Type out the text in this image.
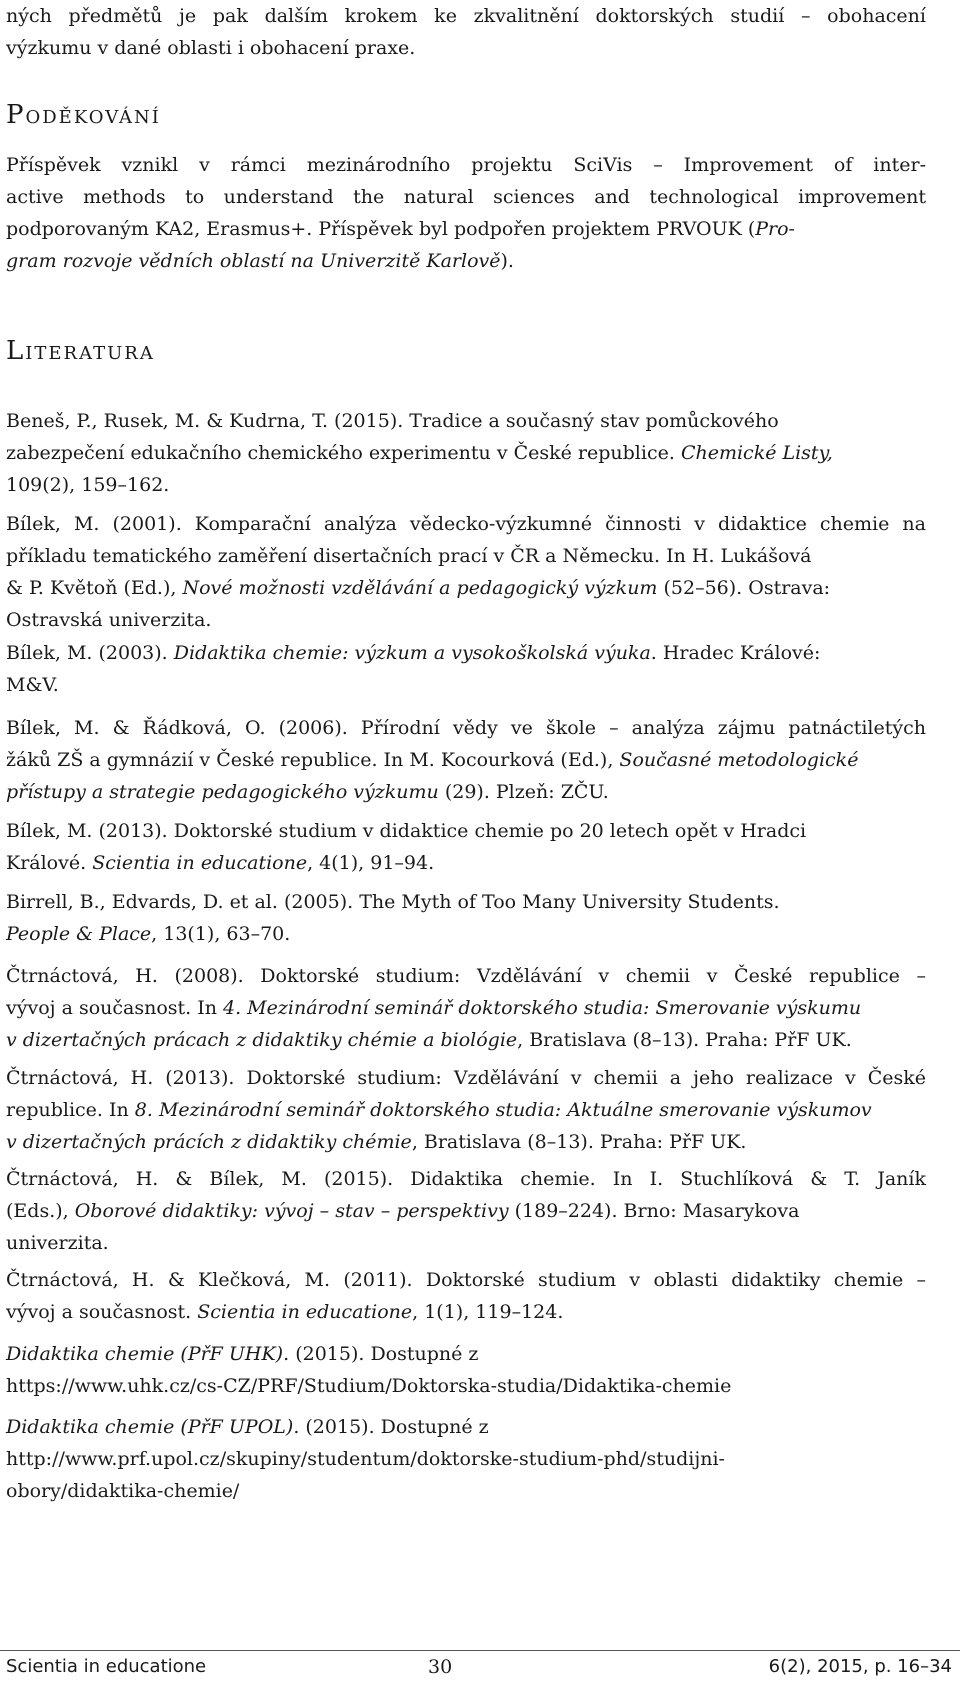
ných předmětů je pak dalším krokem ke zkvalitnění doktorských studií – obohacení
výzkumu v dané oblasti i obohacení praxe.
Poděkování
Příspěvek vznikl v rámci mezinárodního projektu SciVis – Improvement of inter-
active methods to understand the natural sciences and technological improvement
podporovaným KA2, Erasmus+. Příspěvek byl podpořen projektem PRVOUK (Pro-
gram rozvoje vědních oblastí na Univerzitě Karlově).
Literatura
Beneš, P., Rusek, M. & Kudrna, T. (2015). Tradice a současný stav pomůckového
zabezpečení edukačního chemického experimentu v České republice. Chemické Listy,
109(2), 159–162.
Bílek, M. (2001). Komparační analýza vědecko-výzkumné činnosti v didaktice chemie na
příkladu tematického zaměření disertačních prací v ČR a Německu. In H. Lukášová
& P. Květoň (Ed.), Nové možnosti vzdělávání a pedagogický výzkum (52–56). Ostrava:
Ostravská univerzita.
Bílek, M. (2003). Didaktika chemie: výzkum a vysokoškolská výuka. Hradec Králové:
M&V.
Bílek, M. & Řádková, O. (2006). Přírodní vědy ve škole – analýza zájmu patnáctiletých
žáků ZŠ a gymnázií v České republice. In M. Kocourková (Ed.), Současné metodologické
přístupy a strategie pedagogického výzkumu (29). Plzeň: ZČU.
Bílek, M. (2013). Doktorské studium v didaktice chemie po 20 letech opět v Hradci
Králové. Scientia in educatione, 4(1), 91–94.
Birrell, B., Edvards, D. et al. (2005). The Myth of Too Many University Students.
People & Place, 13(1), 63–70.
Čtrnáctová, H. (2008). Doktorské studium: Vzdělávání v chemii v České republice –
vývoj a současnost. In 4. Mezinárodní seminář doktorského studia: Smerovanie výskumu
v dizertačných prácach z didaktiky chémie a biológie, Bratislava (8–13). Praha: PřF UK.
Čtrnáctová, H. (2013). Doktorské studium: Vzdělávání v chemii a jeho realizace v České
republice. In 8. Mezinárodní seminář doktorského studia: Aktuálne smerovanie výskumov
v dizertačných prácích z didaktiky chémie, Bratislava (8–13). Praha: PřF UK.
Čtrnáctová, H. & Bílek, M. (2015). Didaktika chemie. In I. Stuchlíková & T. Janík
(Eds.), Oborové didaktiky: vývoj – stav – perspektivy (189–224). Brno: Masarykova
univerzita.
Čtrnáctová, H. & Klečková, M. (2011). Doktorské studium v oblasti didaktiky chemie –
vývoj a současnost. Scientia in educatione, 1(1), 119–124.
Didaktika chemie (PřF UHK). (2015). Dostupné z
https://www.uhk.cz/cs-CZ/PRF/Studium/Doktorska-studia/Didaktika-chemie
Didaktika chemie (PřF UPOL). (2015). Dostupné z
http://www.prf.upol.cz/skupiny/studentum/doktorske-studium-phd/studijni-
obory/didaktika-chemie/
Scientia in educatione	30	6(2), 2015, p. 16–34
